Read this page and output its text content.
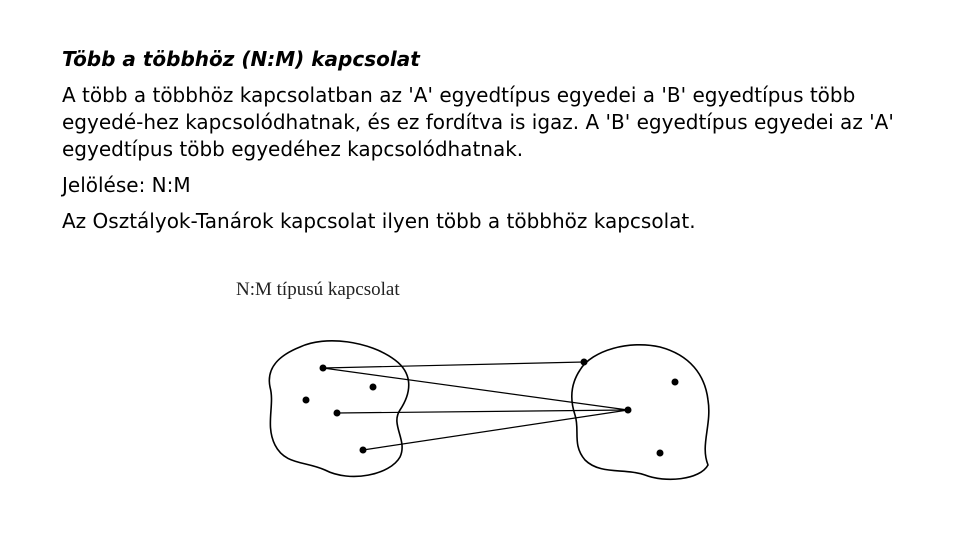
Több a többhöz (N:M) kapcsolat

A több a többhöz kapcsolatban az 'A' egyedtípus egyedei a 'B' egyedtípus több egyedé-hez kapcsolódhatnak, és ez fordítva is igaz. A 'B' egyedtípus egyedei az 'A' egyedtípus több egyedéhez kapcsolódhatnak.

Jelölése: N:M

Az Osztályok-Tanárok kapcsolat ilyen több a többhöz kapcsolat.

N:M típusú kapcsolat
